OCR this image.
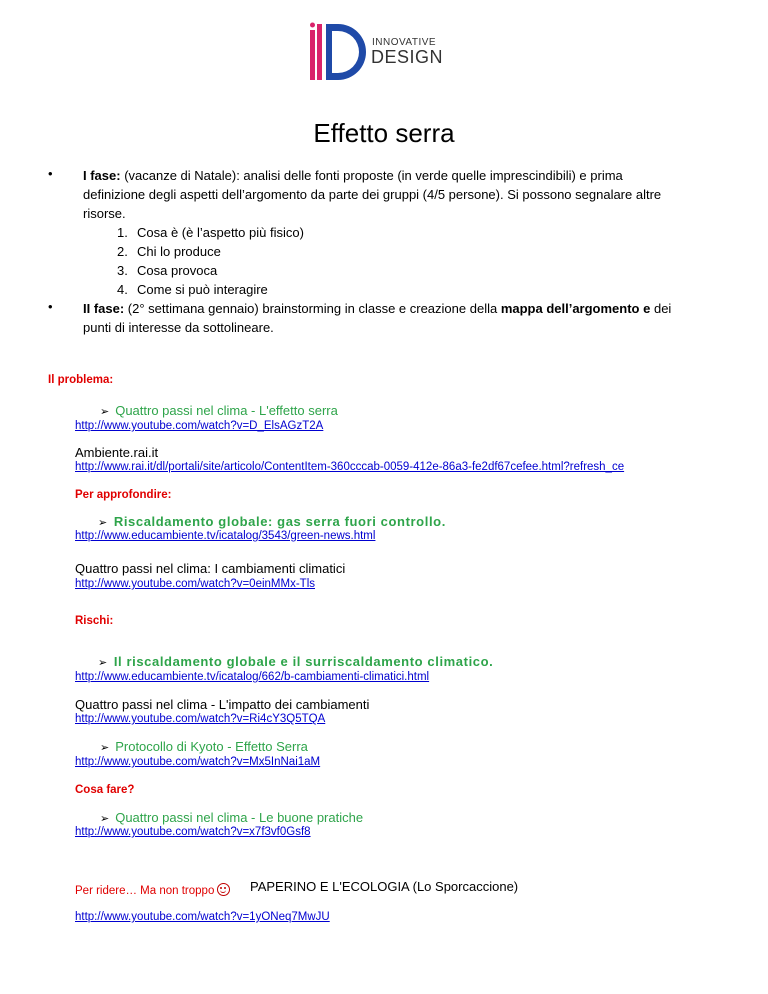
INNOVATIVE
DESIGN
Effetto serra
• I fase: (vacanze di Natale): analisi delle fonti proposte (in verde quelle imprescindibili) e prima
definizione degli aspetti dell’argomento da parte dei gruppi (4/5 persone). Si possono segnalare altre
risorse.
1. Cosa è (è l’aspetto più fisico)
2. Chi lo produce
3. Cosa provoca
4. Come si può interagire
• II fase: (2° settimana gennaio) brainstorming in classe e creazione della mappa dell’argomento e dei
punti di interesse da sottolineare.
Il problema:
➢ Quattro passi nel clima - L'effetto serra
http://www.youtube.com/watch?v=D_ElsAGzT2A
Ambiente.rai.it
http://www.rai.it/dl/portali/site/articolo/ContentItem-360cccab-0059-412e-86a3-fe2df67cefee.html?refresh_ce
Per approfondire:
➢ Riscaldamento globale: gas serra fuori controllo.
http://www.educambiente.tv/icatalog/3543/green-news.html
Quattro passi nel clima: I cambiamenti climatici
http://www.youtube.com/watch?v=0einMMx-Tls
Rischi:
➢ Il riscaldamento globale e il surriscaldamento climatico.
http://www.educambiente.tv/icatalog/662/b-cambiamenti-climatici.html
Quattro passi nel clima - L'impatto dei cambiamenti
http://www.youtube.com/watch?v=Ri4cY3Q5TQA
➢ Protocollo di Kyoto - Effetto Serra
http://www.youtube.com/watch?v=Mx5InNai1aM
Cosa fare?
➢ Quattro passi nel clima - Le buone pratiche
http://www.youtube.com/watch?v=x7f3vf0Gsf8
Per ridere… Ma non troppo	PAPERINO E L'ECOLOGIA (Lo Sporcaccione)
http://www.youtube.com/watch?v=1yONeq7MwJU
